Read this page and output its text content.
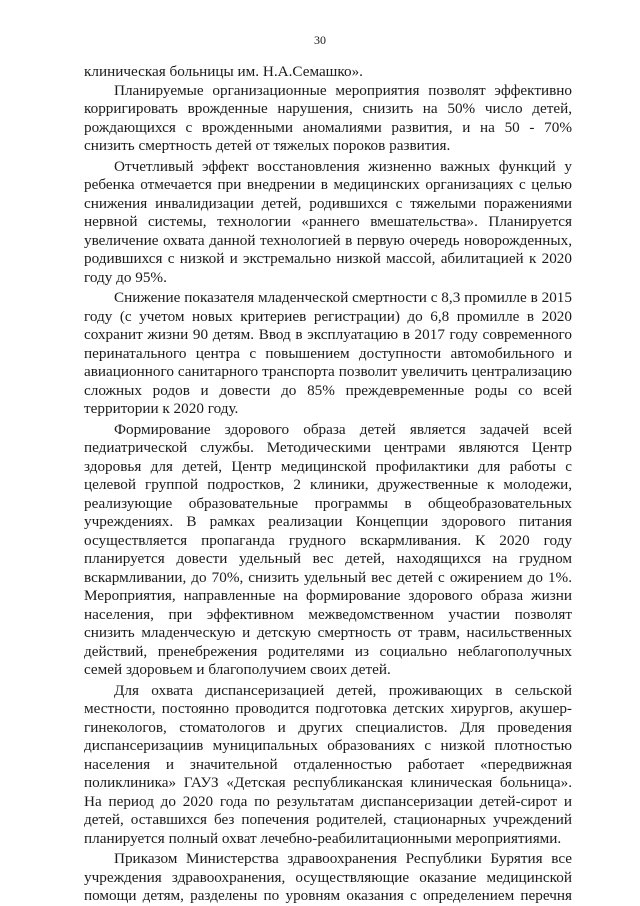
30

клиническая больницы им. Н.А.Семашко».

Планируемые организационные мероприятия позволят эффективно корригировать врожденные нарушения, снизить на 50% число детей, рождающихся с врожденными аномалиями развития, и на 50 - 70% снизить смертность детей от тяжелых пороков развития.

Отчетливый эффект восстановления жизненно важных функций у ребенка отмечается при внедрении в медицинских организациях с целью снижения инвалидизации детей, родившихся с тяжелыми поражениями нервной системы, технологии «раннего вмешательства». Планируется увеличение охвата данной технологией в первую очередь новорожденных, родившихся с низкой и экстремально низкой массой, абилитацией к 2020 году до 95%.

Снижение показателя младенческой смертности с 8,3 промилле в 2015 году (с учетом новых критериев регистрации) до 6,8 промилле в 2020 сохранит жизни 90 детям. Ввод в эксплуатацию в 2017 году современного перинатального центра с повышением доступности автомобильного и авиационного санитарного транспорта позволит увеличить централизацию сложных родов и довести до 85% преждевременные роды со всей территории к 2020 году.

Формирование здорового образа детей является задачей всей педиатрической службы. Методическими центрами являются Центр здоровья для детей, Центр медицинской профилактики для работы с целевой группой подростков, 2 клиники, дружественные к молодежи, реализующие образовательные программы в общеобразовательных учреждениях. В рамках реализации Концепции здорового питания осуществляется пропаганда грудного вскармливания. К 2020 году планируется довести удельный вес детей, находящихся на грудном вскармливании, до 70%, снизить удельный вес детей с ожирением до 1%. Мероприятия, направленные на формирование здорового образа жизни населения, при эффективном межведомственном участии позволят снизить младенческую и детскую смертность от травм, насильственных действий, пренебрежения родителями из социально неблагополучных семей здоровьем и благополучием своих детей.

Для охвата диспансеризацией детей, проживающих в сельской местности, постоянно проводится подготовка детских хирургов, акушер-гинекологов, стоматологов и других специалистов. Для проведения диспансеризациив муниципальных образованиях с низкой плотностью населения и значительной отдаленностью работает «передвижная поликлиника» ГАУЗ «Детская республиканская клиническая больница». На период до 2020 года по результатам диспансеризации детей-сирот и детей, оставшихся без попечения родителей, стационарных учреждений планируется полный охват лечебно-реабилитационными мероприятиями.

Приказом Министерства здравоохранения Республики Бурятия все учреждения здравоохранения, осуществляющие оказание медицинской помощи детям, разделены по уровням оказания с определением перечня
